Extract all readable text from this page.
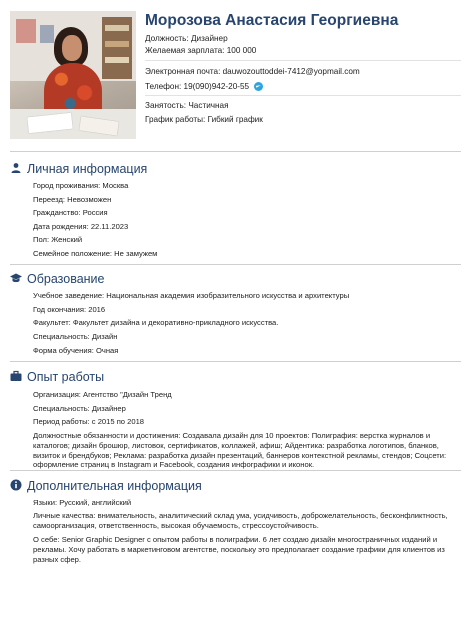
Морозова Анастасия Георгиевна
Должность: Дизайнер
Желаемая зарплата: 100 000
Электронная почта: dauwozouttoddei-7412@yopmail.com
Телефон: 19(090)942-20-55
Занятость: Частичная
График работы: Гибкий график
Личная информация
Город проживания: Москва
Переезд: Невозможен
Гражданство: Россия
Дата рождения: 22.11.2023
Пол: Женский
Семейное положение: Не замужем
Образование
Учебное заведение: Национальная академия изобразительного искусства и архитектуры
Год окончания: 2016
Факультет: Факультет дизайна и декоративно-прикладного искусства.
Специальность: Дизайн
Форма обучения: Очная
Опыт работы
Организация: Агентство "Дизайн Тренд
Специальность: Дизайнер
Период работы: с 2015 по 2018
Должностные обязанности и достижения: Создавала дизайн для 10 проектов: Полиграфия: верстка журналов и каталогов; дизайн брошюр, листовок, сертификатов, коллажей, афиш; Айдентика: разработка логотипов, бланков, визиток и брендбуков; Реклама: разработка дизайн презентаций, баннеров контекстной рекламы, стендов; Соцсети: оформление страниц в Instagram и Facebook, создания инфографики и иконок.
Дополнительная информация
Языки: Русский, английский
Личные качества: внимательность, аналитический склад ума, усидчивость, доброжелательность, бесконфликтность, самоорганизация, ответственность, высокая обучаемость, стрессоустойчивость.
О себе: Senior Graphic Designer с опытом работы в полиграфии. 6 лет создаю дизайн многостраничных изданий и рекламы. Хочу работать в маркетинговом агентстве, поскольку это предполагает создание графики для клиентов из разных сфер.
